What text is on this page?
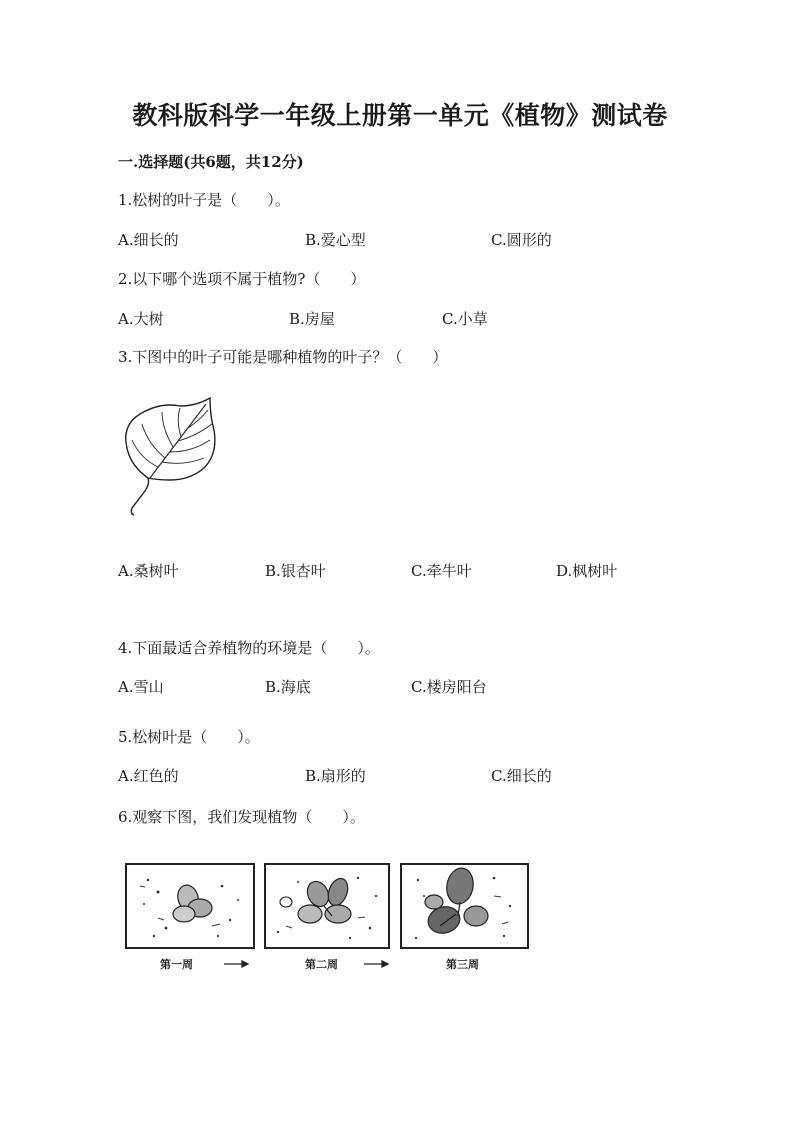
教科版科学一年级上册第一单元《植物》测试卷
一.选择题(共6题，共12分)
1.松树的叶子是（　　）。
A.细长的	B.爱心型	C.圆形的
2.以下哪个选项不属于植物?（　　）
A.大树	B.房屋	C.小草
3.下图中的叶子可能是哪种植物的叶子？（　　）
A.桑树叶	B.银杏叶	C.牵牛叶	D.枫树叶
4.下面最适合养植物的环境是（　　）。
A.雪山	B.海底	C.楼房阳台
5.松树叶是（　　）。
A.红色的	B.扇形的	C.细长的
6.观察下图，我们发现植物（　　）。
第一周	第二周	第三周
